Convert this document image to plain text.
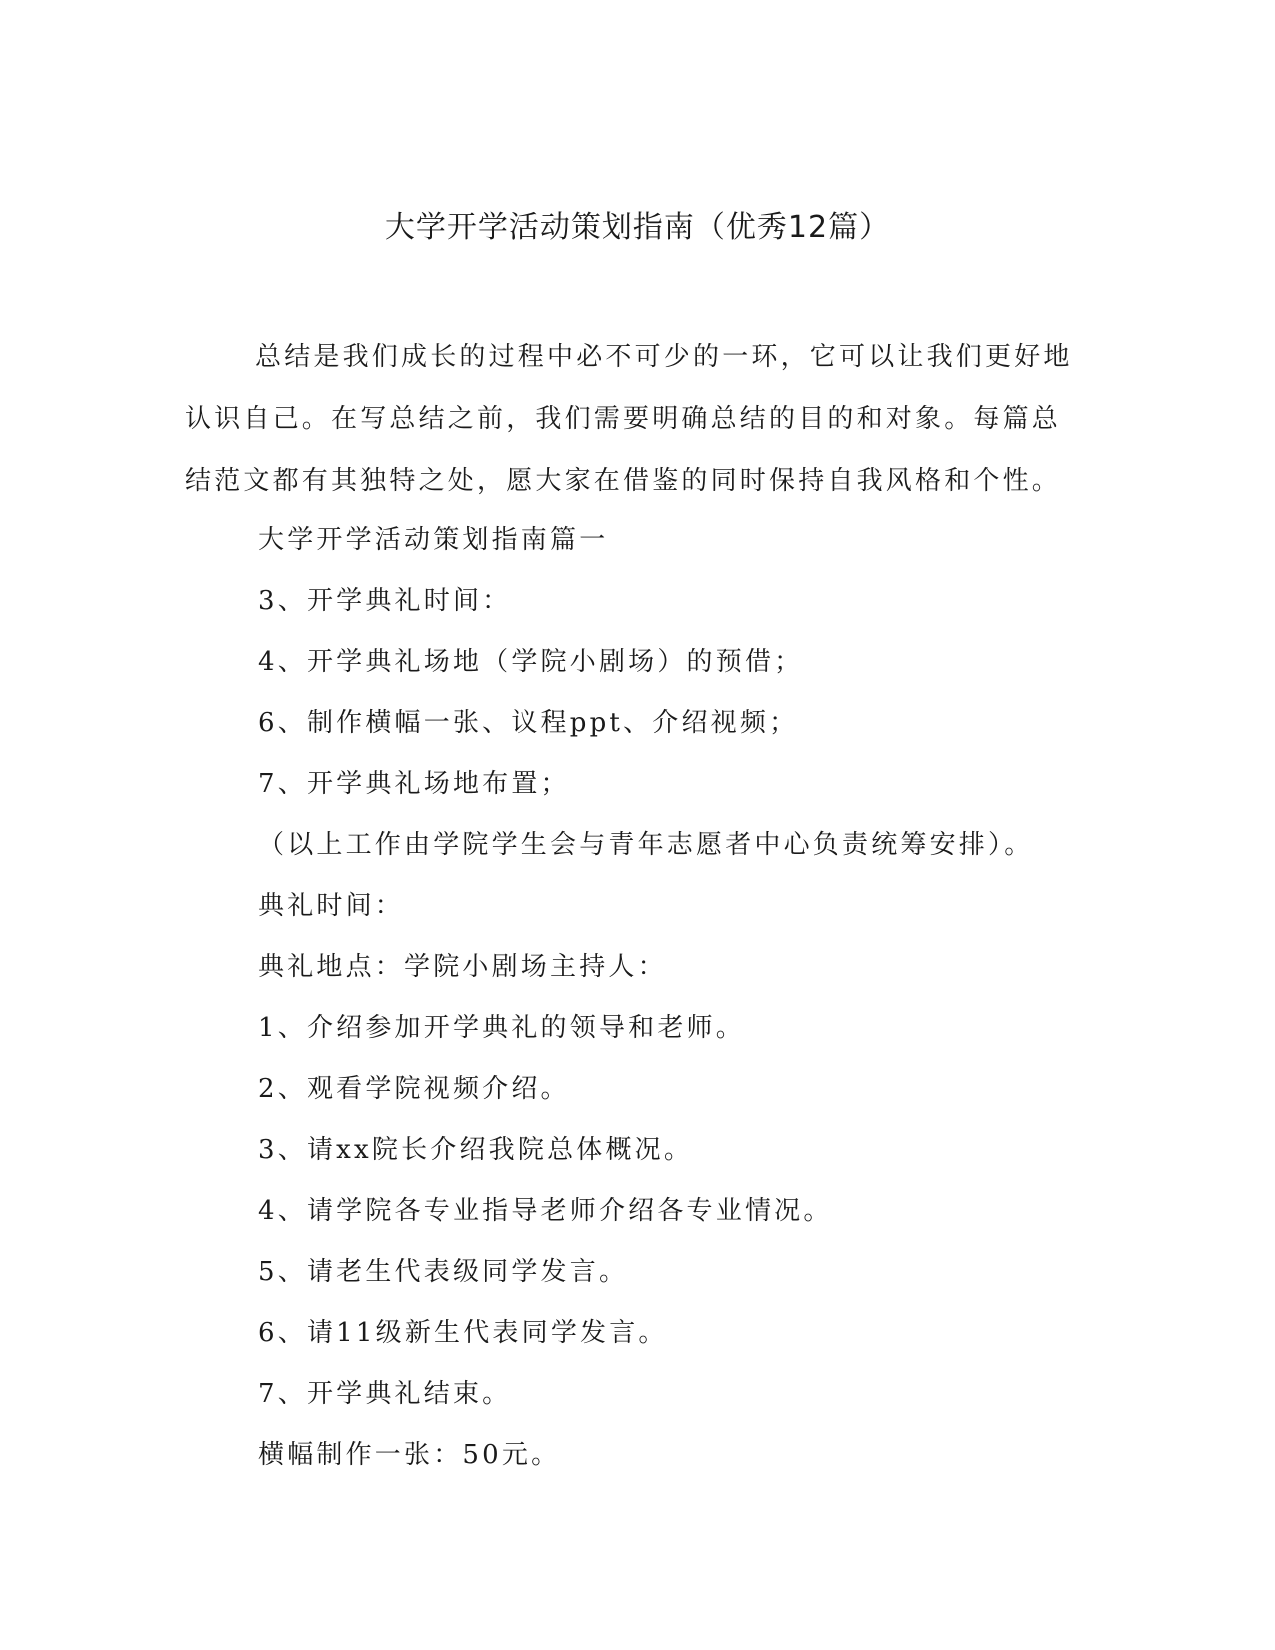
大学开学活动策划指南（优秀12篇）

总结是我们成长的过程中必不可少的一环，它可以让我们更好地认识自己。在写总结之前，我们需要明确总结的目的和对象。每篇总结范文都有其独特之处，愿大家在借鉴的同时保持自我风格和个性。

大学开学活动策划指南篇一
3、开学典礼时间：
4、开学典礼场地（学院小剧场）的预借；
6、制作横幅一张、议程ppt、介绍视频；
7、开学典礼场地布置；
（以上工作由学院学生会与青年志愿者中心负责统筹安排）。
典礼时间：
典礼地点：学院小剧场主持人：
1、介绍参加开学典礼的领导和老师。
2、观看学院视频介绍。
3、请xx院长介绍我院总体概况。
4、请学院各专业指导老师介绍各专业情况。
5、请老生代表级同学发言。
6、请11级新生代表同学发言。
7、开学典礼结束。
横幅制作一张：50元。
